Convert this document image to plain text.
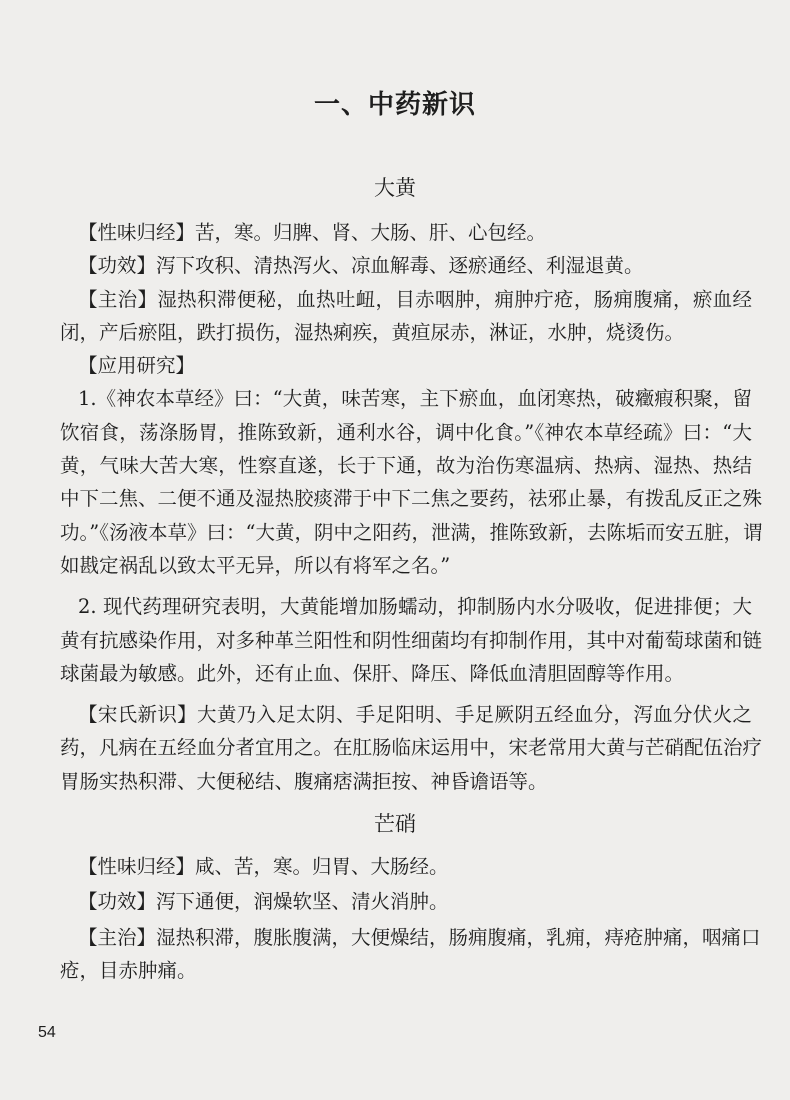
一、中药新识
大黄
【性味归经】苦，寒。归脾、肾、大肠、肝、心包经。
【功效】泻下攻积、清热泻火、凉血解毒、逐瘀通经、利湿退黄。
【主治】湿热积滞便秘，血热吐衄，目赤咽肿，痈肿疔疮，肠痈腹痛，瘀血经
闭，产后瘀阻，跌打损伤，湿热痢疾，黄疸尿赤，淋证，水肿，烧烫伤。
【应用研究】
1.《神农本草经》曰：“大黄，味苦寒，主下瘀血，血闭寒热，破癥瘕积聚，留
饮宿食，荡涤肠胃，推陈致新，通利水谷，调中化食。”《神农本草经疏》曰：“大
黄，气味大苦大寒，性察直遂，长于下通，故为治伤寒温病、热病、湿热、热结
中下二焦、二便不通及湿热胶痰滞于中下二焦之要药，祛邪止暴，有拨乱反正之殊
功。”《汤液本草》曰：“大黄，阴中之阳药，泄满，推陈致新，去陈垢而安五脏，谓
如戡定祸乱以致太平无异，所以有将军之名。”
2. 现代药理研究表明，大黄能增加肠蠕动，抑制肠内水分吸收，促进排便；大
黄有抗感染作用，对多种革兰阳性和阴性细菌均有抑制作用，其中对葡萄球菌和链
球菌最为敏感。此外，还有止血、保肝、降压、降低血清胆固醇等作用。
【宋氏新识】大黄乃入足太阴、手足阳明、手足厥阴五经血分，泻血分伏火之
药，凡病在五经血分者宜用之。在肛肠临床运用中，宋老常用大黄与芒硝配伍治疗
胃肠实热积滞、大便秘结、腹痛痞满拒按、神昏谵语等。
芒硝
【性味归经】咸、苦，寒。归胃、大肠经。
【功效】泻下通便，润燥软坚、清火消肿。
【主治】湿热积滞，腹胀腹满，大便燥结，肠痈腹痛，乳痈，痔疮肿痛，咽痛口
疮，目赤肿痛。
54
